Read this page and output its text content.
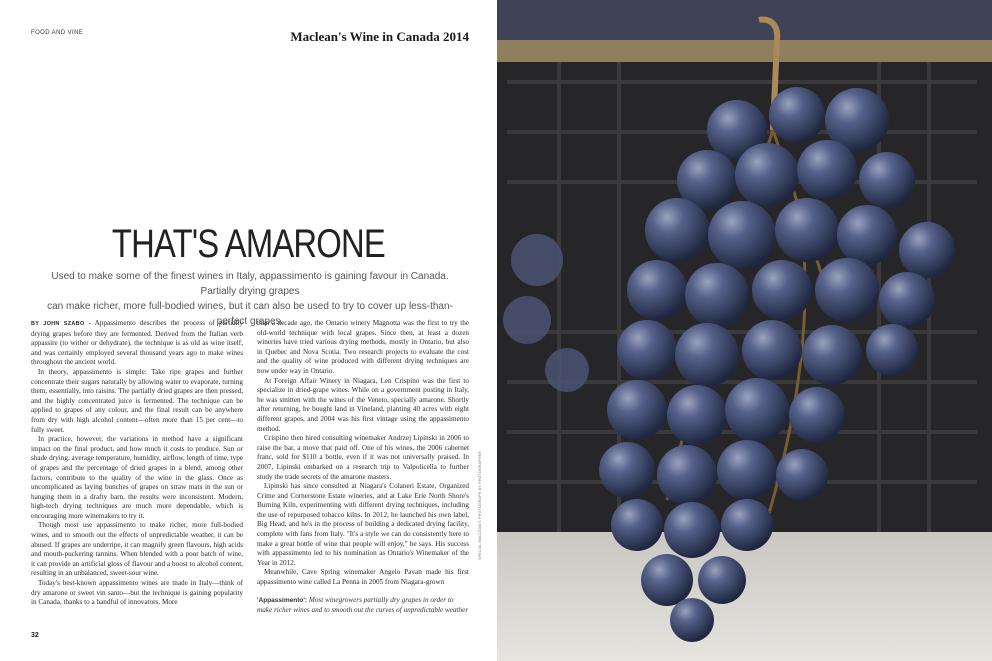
FOOD AND VINE	Maclean's Wine in Canada 2014
THAT'S AMARONE
Used to make some of the finest wines in Italy, appassimento is gaining favour in Canada. Partially drying grapes
can make richer, more full-bodied wines, but it can also be used to try to cover up less-than-perfect grapes.

BY JOHN SZABO - Appassimento describes the process of partially drying grapes before they are fermented. Derived from the Italian verb appassire (to wither or dehydrate), the technique is as old as wine itself, and was certainly employed several thousand years ago to make wines throughout the ancient world.

In theory, appassimento is simple: Take ripe grapes and further concentrate their sugars naturally by allowing water to evaporate, turning them, essentially, into raisins. The partially dried grapes are then pressed, and the highly concentrated juice is fermented. The technique can be applied to grapes of any colour, and the final result can be anywhere from dry with high alcohol content—often more than 15 per cent—to fully sweet.

In practice, however, the variations in method have a significant impact on the final product, and how much it costs to produce. Sun or shade drying, average temperature, humidity, airflow, length of time, type of grapes and the percentage of dried grapes in a blend, among other factors, contribute to the quality of the wine in the glass. Once as uncomplicated as laying bunches of grapes on straw mats in the sun or hanging them in a drafty barn, the results were inconsistent. Modern, high-tech drying techniques are much more dependable, which is encouraging more winemakers to try it.

Though most use appassimento to make richer, more full-bodied wines, and to smooth out the effects of unpredictable weather, it can be abused. If grapes are underripe, it can magnify green flavours, high acids and mouth-puckering tannins. When blended with a poor batch of wine, it can provide an artificial gloss of flavour and a boost to alcohol content, resulting in an unbalanced, sweet-sour wine.

Today's best-known appassimento wines are made in Italy—think of dry amarone or sweet vin santo—but the technique is gaining popularity in Canada, thanks to a handful of innovators. More

than a decade ago, the Ontario winery Magnotta was the first to try the old-world technique with local grapes. Since then, at least a dozen wineries have tried various drying methods, mostly in Ontario, but also in Quebec and Nova Scotia. Two research projects to evaluate the cost and the quality of wine produced with different drying techniques are now under way in Ontario.

At Foreign Affair Winery in Niagara, Len Crispino was the first to specialize in dried-grape wines. While on a government posting in Italy, he was smitten with the wines of the Veneto, specially amarone. Shortly after returning, he bought land in Vineland, planting 40 acres with eight different grapes, and 2004 was his first vintage using the appassimento method.

Crispino then hired consulting winemaker Andrzej Lipinski in 2006 to raise the bar, a move that paid off. One of his wines, the 2006 cabernet franc, sold for $110 a bottle, even if it was not universally praised. In 2007, Lipinski embarked on a research trip to Valpolicella to further study the trade secrets of the amarone masters.

Lipinski has since consulted at Niagara's Colaneri Estate, Organized Crime and Cornerstone Estate wineries, and at Lake Erie North Shore's Burning Kiln, experimenting with different drying techniques, including the use of repurposed tobacco kilns. In 2012, he launched his own label, Big Head, and he's in the process of building a dedicated drying facility, complete with fans from Italy. "It's a style we can do consistently here to make a great bottle of wine that people will enjoy," he says. His success with appassimento led to his nomination as Ontario's Winemaker of the Year in 2012.

Meanwhile, Cave Spring winemaker Angelo Pavan made his first appassimento wine called La Penna in 2005 from Niagara-grown

'Appassimento': Most winegrowers partially dry grapes in order to make richer wines and to smooth out the curves of unpredictable weather
SPECIAL MACLEAN'S PHOTOGRAPH BY PHOTOGRAPHER
32
